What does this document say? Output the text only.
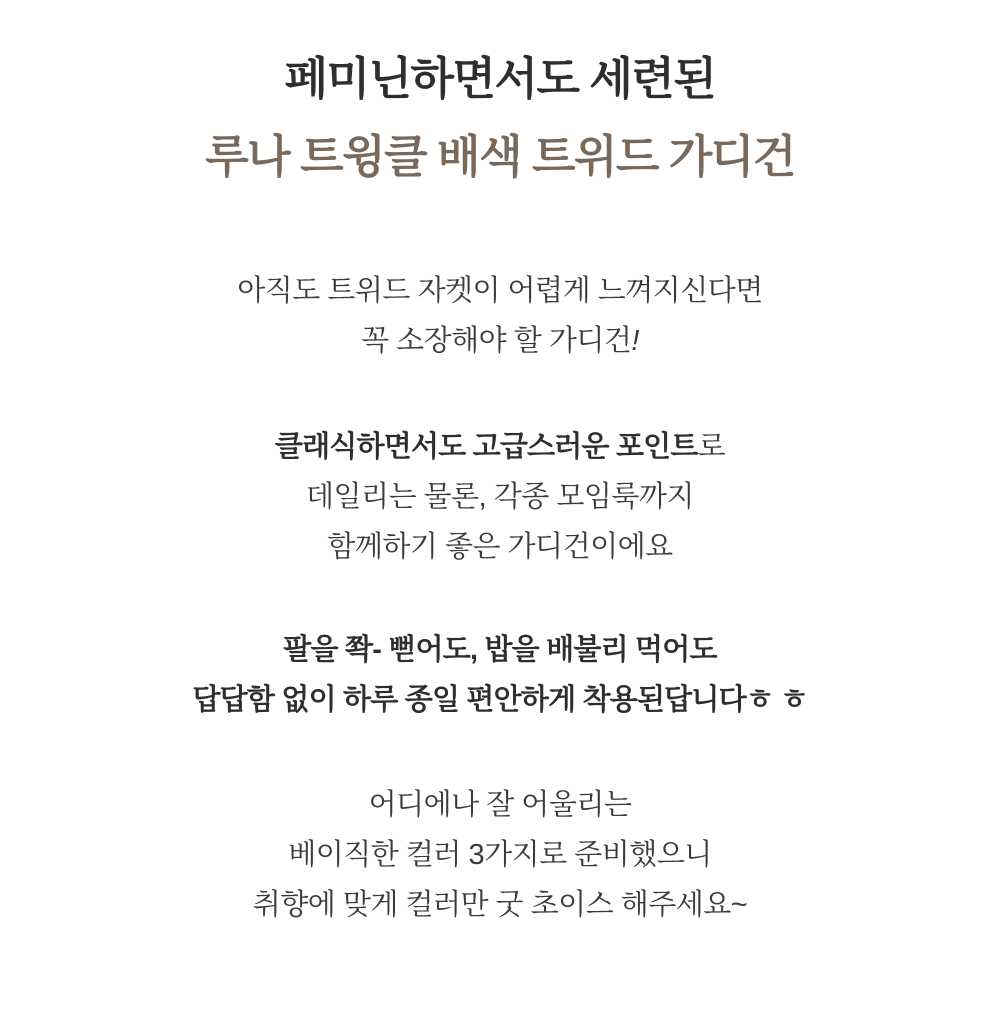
페미닌하면서도 세련된
루나 트윙클 배색 트위드 가디건
아직도 트위드 자켓이 어렵게 느껴지신다면
꼭 소장해야 할 가디건!
클래식하면서도 고급스러운 포인트로
데일리는 물론, 각종 모임룩까지
함께하기 좋은 가디건이에요
팔을 쫙- 뻗어도, 밥을 배불리 먹어도
답답함 없이 하루 종일 편안하게 착용된답니다ㅎ ㅎ
어디에나 잘 어울리는
베이직한 컬러 3가지로 준비했으니
취향에 맞게 컬러만 굿 초이스 해주세요~
